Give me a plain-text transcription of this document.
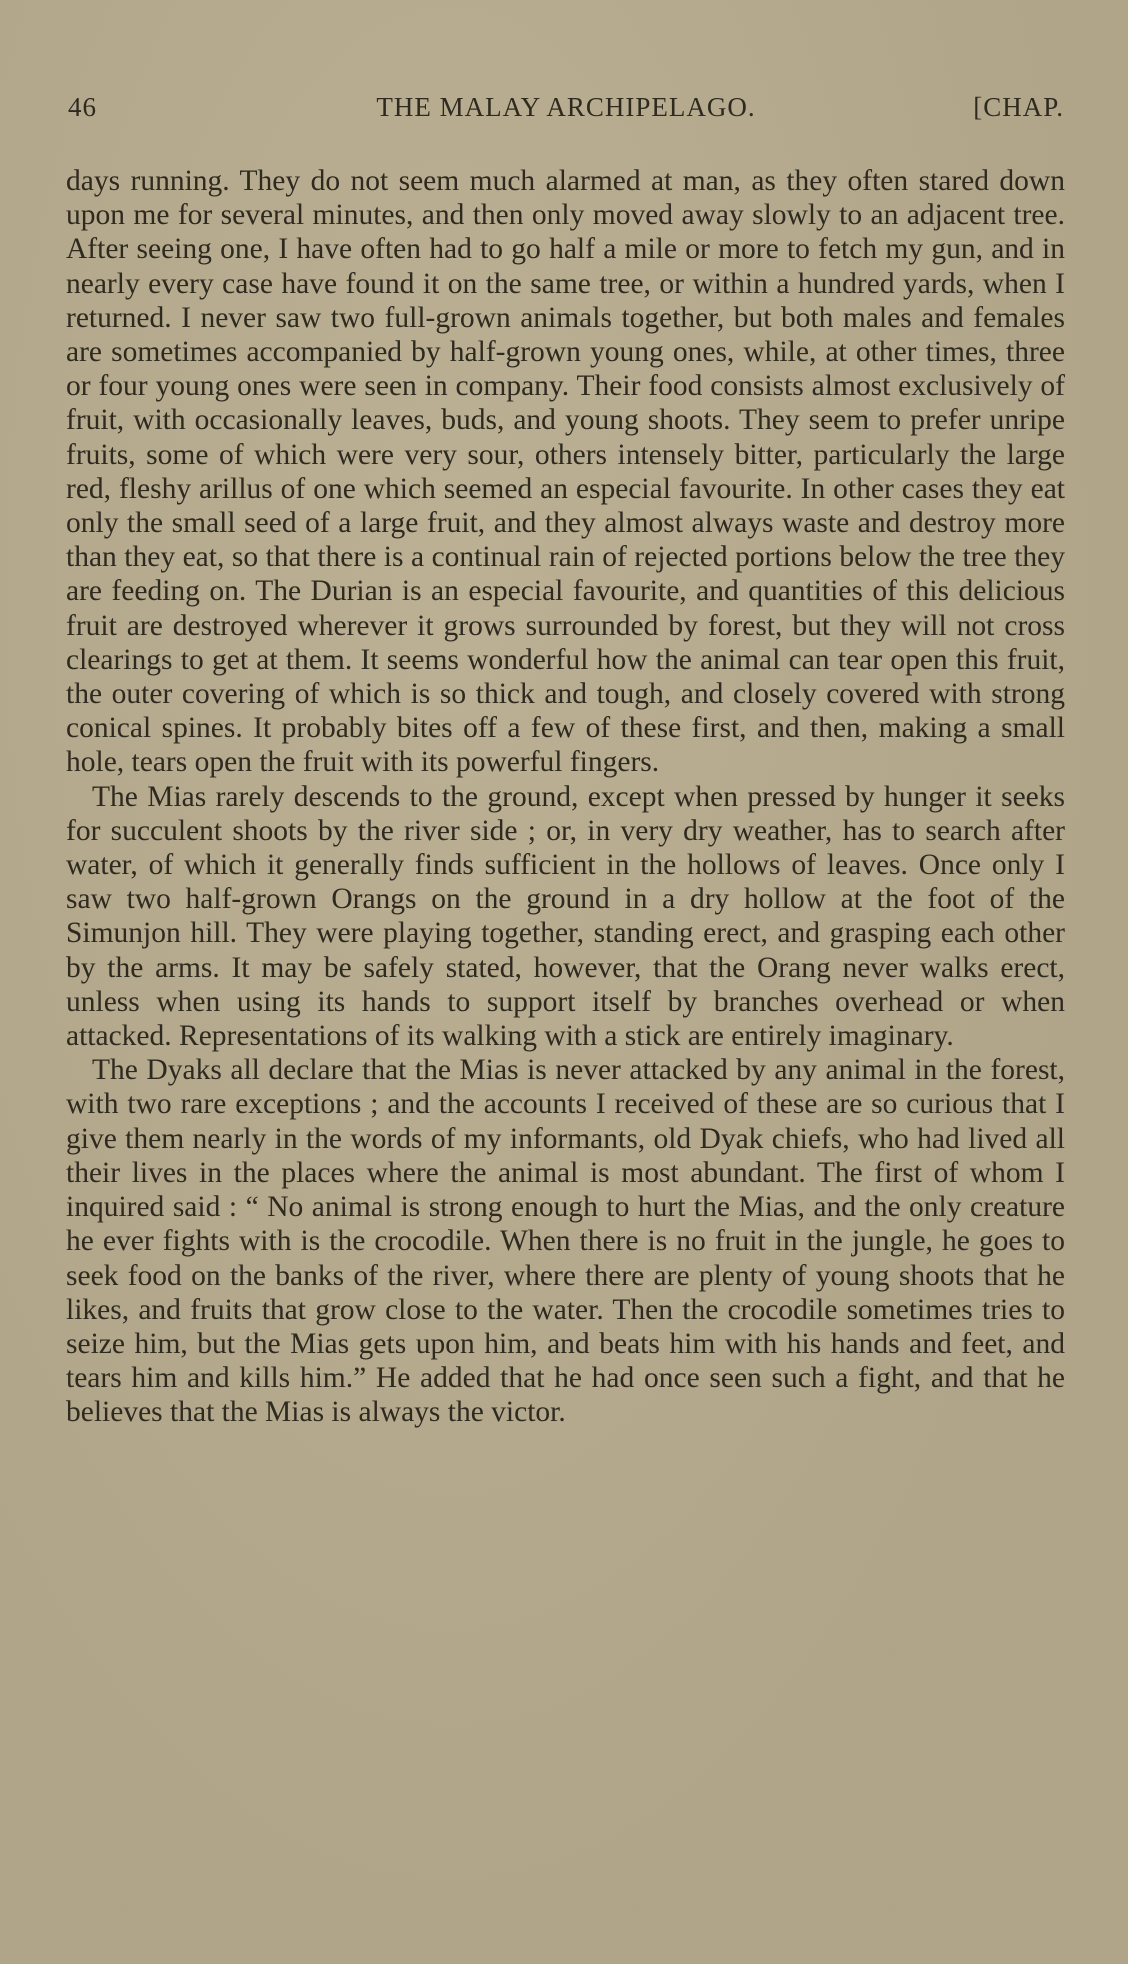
46	THE MALAY ARCHIPELAGO.	[CHAP.

days running. They do not seem much alarmed at man, as they often stared down upon me for several minutes, and then only moved away slowly to an adjacent tree. After seeing one, I have often had to go half a mile or more to fetch my gun, and in nearly every case have found it on the same tree, or within a hundred yards, when I returned. I never saw two full-grown animals together, but both males and females are sometimes accompanied by half-grown young ones, while, at other times, three or four young ones were seen in company. Their food consists almost exclusively of fruit, with occasionally leaves, buds, and young shoots. They seem to prefer unripe fruits, some of which were very sour, others intensely bitter, particularly the large red, fleshy arillus of one which seemed an especial favourite. In other cases they eat only the small seed of a large fruit, and they almost always waste and destroy more than they eat, so that there is a continual rain of rejected portions below the tree they are feeding on. The Durian is an especial favourite, and quantities of this delicious fruit are destroyed wherever it grows surrounded by forest, but they will not cross clearings to get at them. It seems wonderful how the animal can tear open this fruit, the outer covering of which is so thick and tough, and closely covered with strong conical spines. It probably bites off a few of these first, and then, making a small hole, tears open the fruit with its powerful fingers.

The Mias rarely descends to the ground, except when pressed by hunger it seeks for succulent shoots by the river side ; or, in very dry weather, has to search after water, of which it generally finds sufficient in the hollows of leaves. Once only I saw two half-grown Orangs on the ground in a dry hollow at the foot of the Simunjon hill. They were playing together, standing erect, and grasping each other by the arms. It may be safely stated, however, that the Orang never walks erect, unless when using its hands to support itself by branches overhead or when attacked. Representations of its walking with a stick are entirely imaginary.

The Dyaks all declare that the Mias is never attacked by any animal in the forest, with two rare exceptions ; and the accounts I received of these are so curious that I give them nearly in the words of my informants, old Dyak chiefs, who had lived all their lives in the places where the animal is most abundant. The first of whom I inquired said : “ No animal is strong enough to hurt the Mias, and the only creature he ever fights with is the crocodile. When there is no fruit in the jungle, he goes to seek food on the banks of the river, where there are plenty of young shoots that he likes, and fruits that grow close to the water. Then the crocodile sometimes tries to seize him, but the Mias gets upon him, and beats him with his hands and feet, and tears him and kills him.” He added that he had once seen such a fight, and that he believes that the Mias is always the victor.
